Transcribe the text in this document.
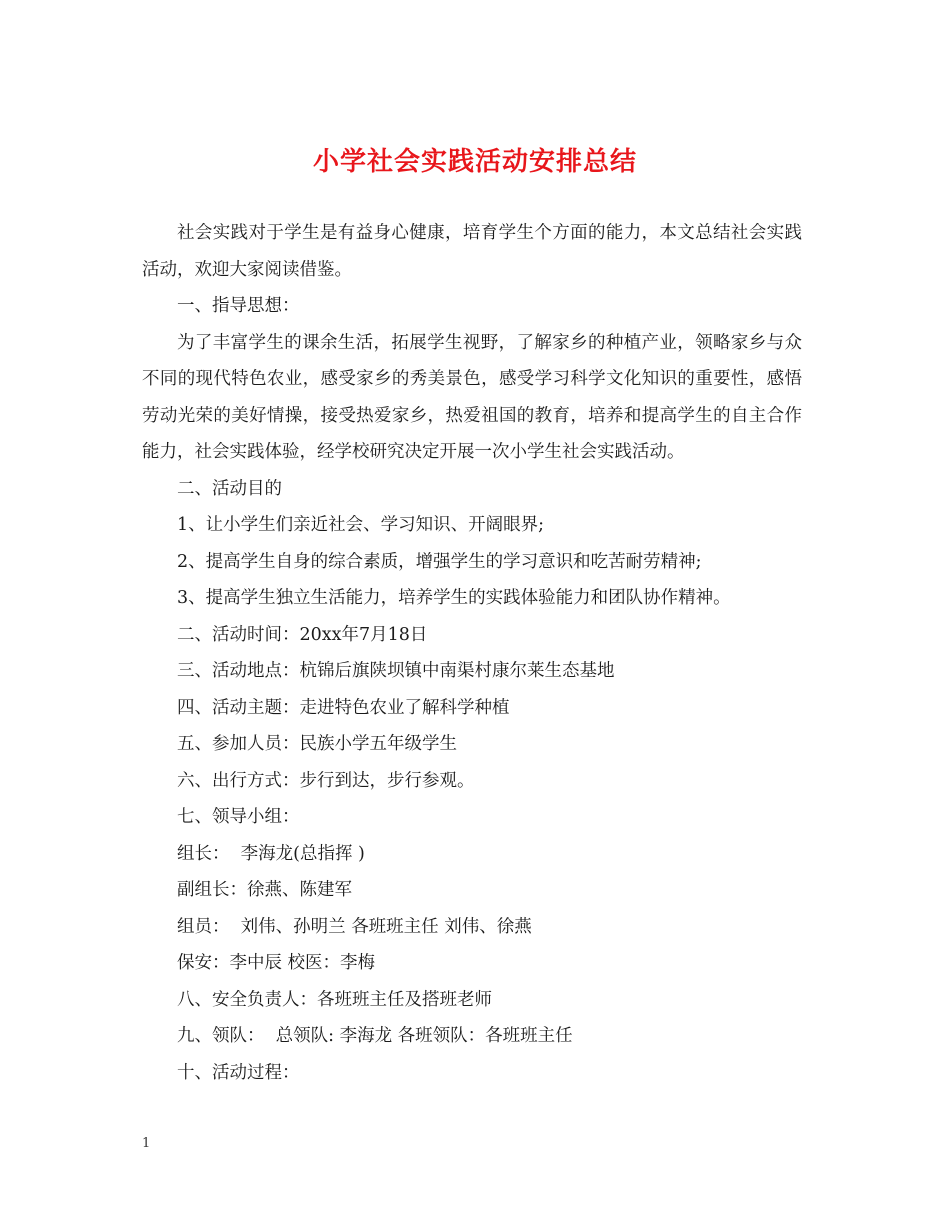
小学社会实践活动安排总结

社会实践对于学生是有益身心健康，培育学生个方面的能力，本文总结社会实践活动，欢迎大家阅读借鉴。

一、指导思想：

为了丰富学生的课余生活，拓展学生视野，了解家乡的种植产业，领略家乡与众不同的现代特色农业，感受家乡的秀美景色，感受学习科学文化知识的重要性，感悟劳动光荣的美好情操，接受热爱家乡，热爱祖国的教育，培养和提高学生的自主合作能力，社会实践体验，经学校研究决定开展一次小学生社会实践活动。

二、活动目的

1、让小学生们亲近社会、学习知识、开阔眼界;

2、提高学生自身的综合素质，增强学生的学习意识和吃苦耐劳精神;

3、提高学生独立生活能力，培养学生的实践体验能力和团队协作精神。

二、活动时间：20xx年7月18日

三、活动地点：杭锦后旗陕坝镇中南渠村康尔莱生态基地

四、活动主题：走进特色农业了解科学种植

五、参加人员：民族小学五年级学生

六、出行方式：步行到达，步行参观。

七、领导小组：

组长：  李海龙(总指挥 )

副组长：徐燕、陈建军

组员：  刘伟、孙明兰 各班班主任 刘伟、徐燕

保安：李中辰 校医：李梅

八、安全负责人：各班班主任及搭班老师

九、领队：  总领队: 李海龙 各班领队：各班班主任

十、活动过程：

1
